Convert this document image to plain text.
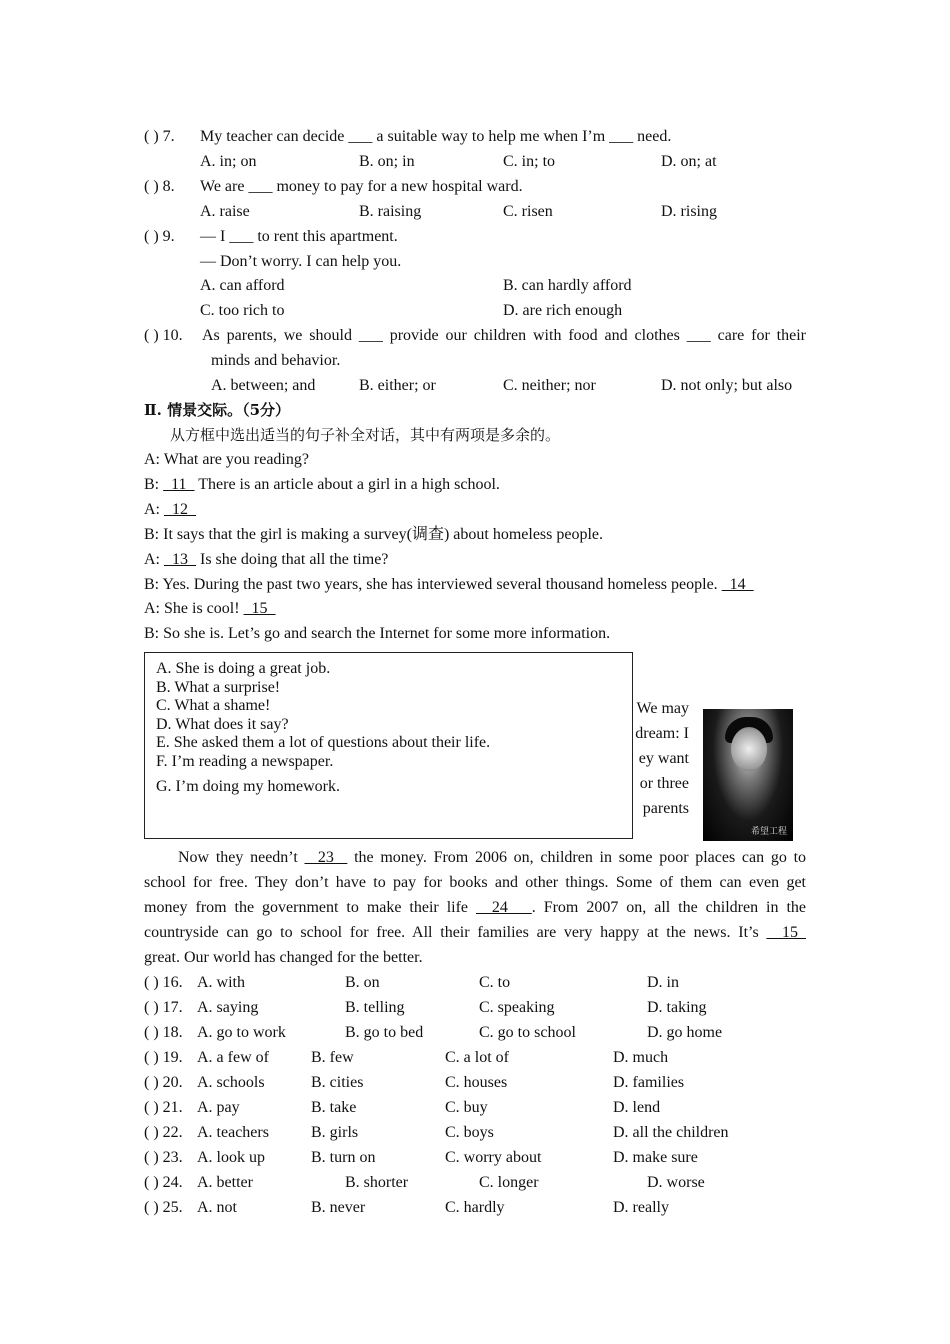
( ) 7. My teacher can decide ___ a suitable way to help me when I’m ___ need.
A. in; on	B. on; in	C. in; to	D. on; at
( ) 8. We are ___ money to pay for a new hospital ward.
A. raise	B. raising	C. risen	D. rising
( ) 9. — I ___ to rent this apartment.
— Don’t worry. I can help you.
A. can afford	B. can hardly afford
C. too rich to	D. are rich enough
( ) 10. As parents, we should ___ provide our children with food and clothes ___ care for their
minds and behavior.
A. between; and	B. either; or	C. neither; nor	D. not only; but also
Ⅱ. 情景交际。（5分）
从方框中选出适当的句子补全对话，其中有两项是多余的。
A: What are you reading?
B:   11   There is an article about a girl in a high school.
A:   12
B: It says that the girl is making a survey(调查) about homeless people.
A:   13   Is she doing that all the time?
B: Yes. During the past two years, she has interviewed several thousand homeless people.   14
A: She is cool!   15
B: So she is. Let’s go and search the Internet for some more information.
We may
dream: I
ey want
or three
parents
希望工程
A. She is doing a great job.
B. What a surprise!
C. What a shame!
D. What does it say?
E. She asked them a lot of questions about their life.
F. I’m reading a newspaper.
G. I’m doing my homework.
Now they needn’t   23   the money. From 2006 on, children in some poor places can go to
school for free. They don’t have to pay for books and other things. Some of them can even get
money from the government to make their life   24   . From 2007 on, all the children in the
countryside can go to school for free. All their families are very happy at the news. It’s   15
great. Our world has changed for the better.
( ) 16. A. with	B. on	C. to	D. in
( ) 17. A. saying	B. telling	C. speaking	D. taking
( ) 18. A. go to work	B. go to bed	C. go to school	D. go home
( ) 19. A. a few of	B. few	C. a lot of	D. much
( ) 20. A. schools	B. cities	C. houses	D. families
( ) 21. A. pay	B. take	C. buy	D. lend
( ) 22. A. teachers	B. girls	C. boys	D. all the children
( ) 23. A. look up	B. turn on	C. worry about	D. make sure
( ) 24. A. better	B. shorter	C. longer	D. worse
( ) 25. A. not	B. never	C. hardly	D. really
